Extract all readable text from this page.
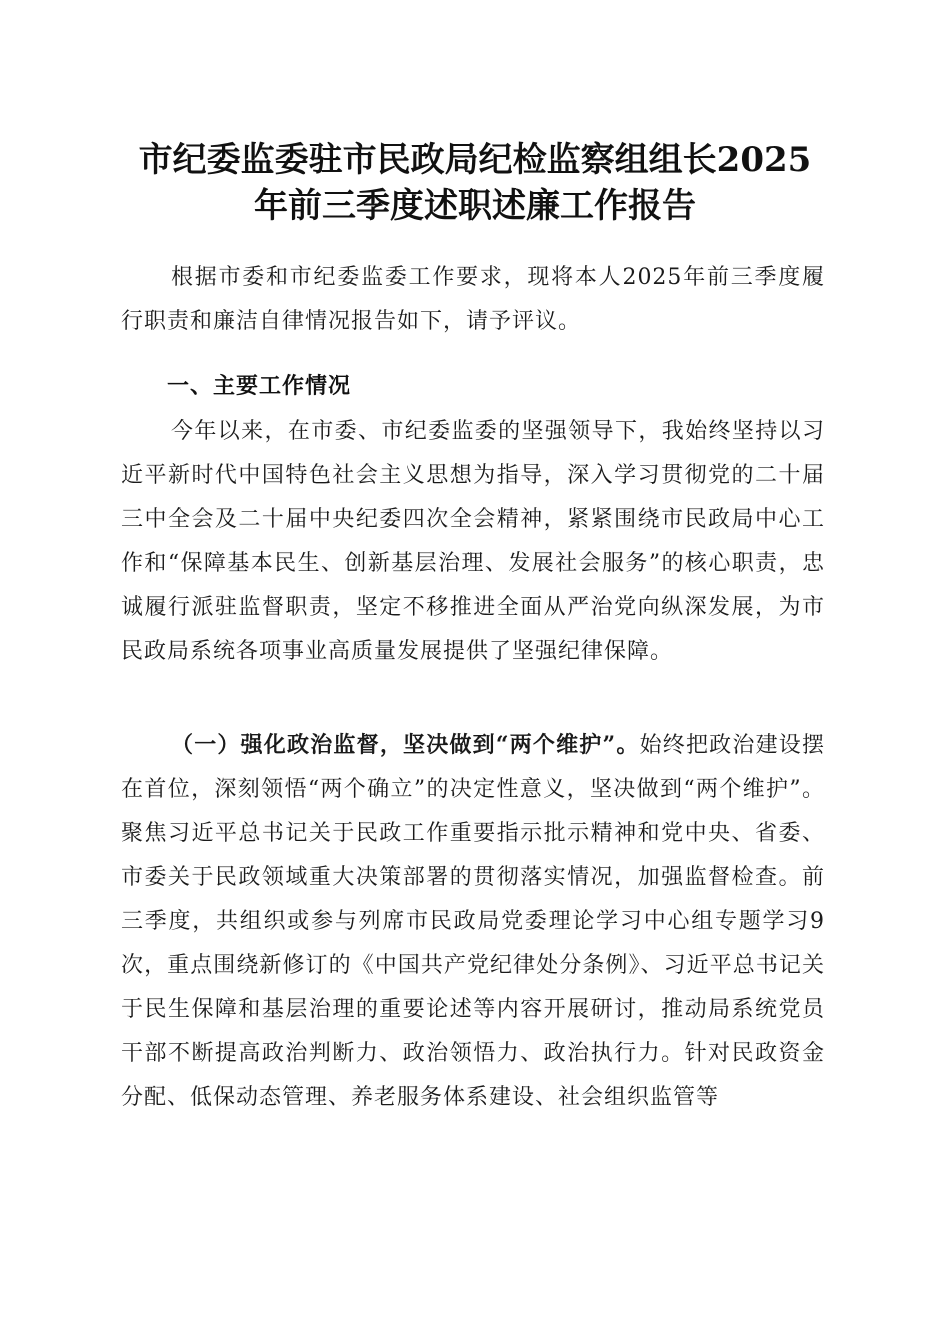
市纪委监委驻市民政局纪检监察组组长2025
年前三季度述职述廉工作报告
根据市委和市纪委监委工作要求，现将本人2025年前三季度履行职责和廉洁自律情况报告如下，请予评议。
一、主要工作情况
今年以来，在市委、市纪委监委的坚强领导下，我始终坚持以习近平新时代中国特色社会主义思想为指导，深入学习贯彻党的二十届三中全会及二十届中央纪委四次全会精神，紧紧围绕市民政局中心工作和“保障基本民生、创新基层治理、发展社会服务”的核心职责，忠诚履行派驻监督职责，坚定不移推进全面从严治党向纵深发展，为市民政局系统各项事业高质量发展提供了坚强纪律保障。
（一）强化政治监督，坚决做到“两个维护”。始终把政治建设摆在首位，深刻领悟“两个确立”的决定性意义，坚决做到“两个维护”。聚焦习近平总书记关于民政工作重要指示批示精神和党中央、省委、市委关于民政领域重大决策部署的贯彻落实情况，加强监督检查。前三季度，共组织或参与列席市民政局党委理论学习中心组专题学习9次，重点围绕新修订的《中国共产党纪律处分条例》、习近平总书记关于民生保障和基层治理的重要论述等内容开展研讨，推动局系统党员干部不断提高政治判断力、政治领悟力、政治执行力。针对民政资金分配、低保动态管理、养老服务体系建设、社会组织监管等
